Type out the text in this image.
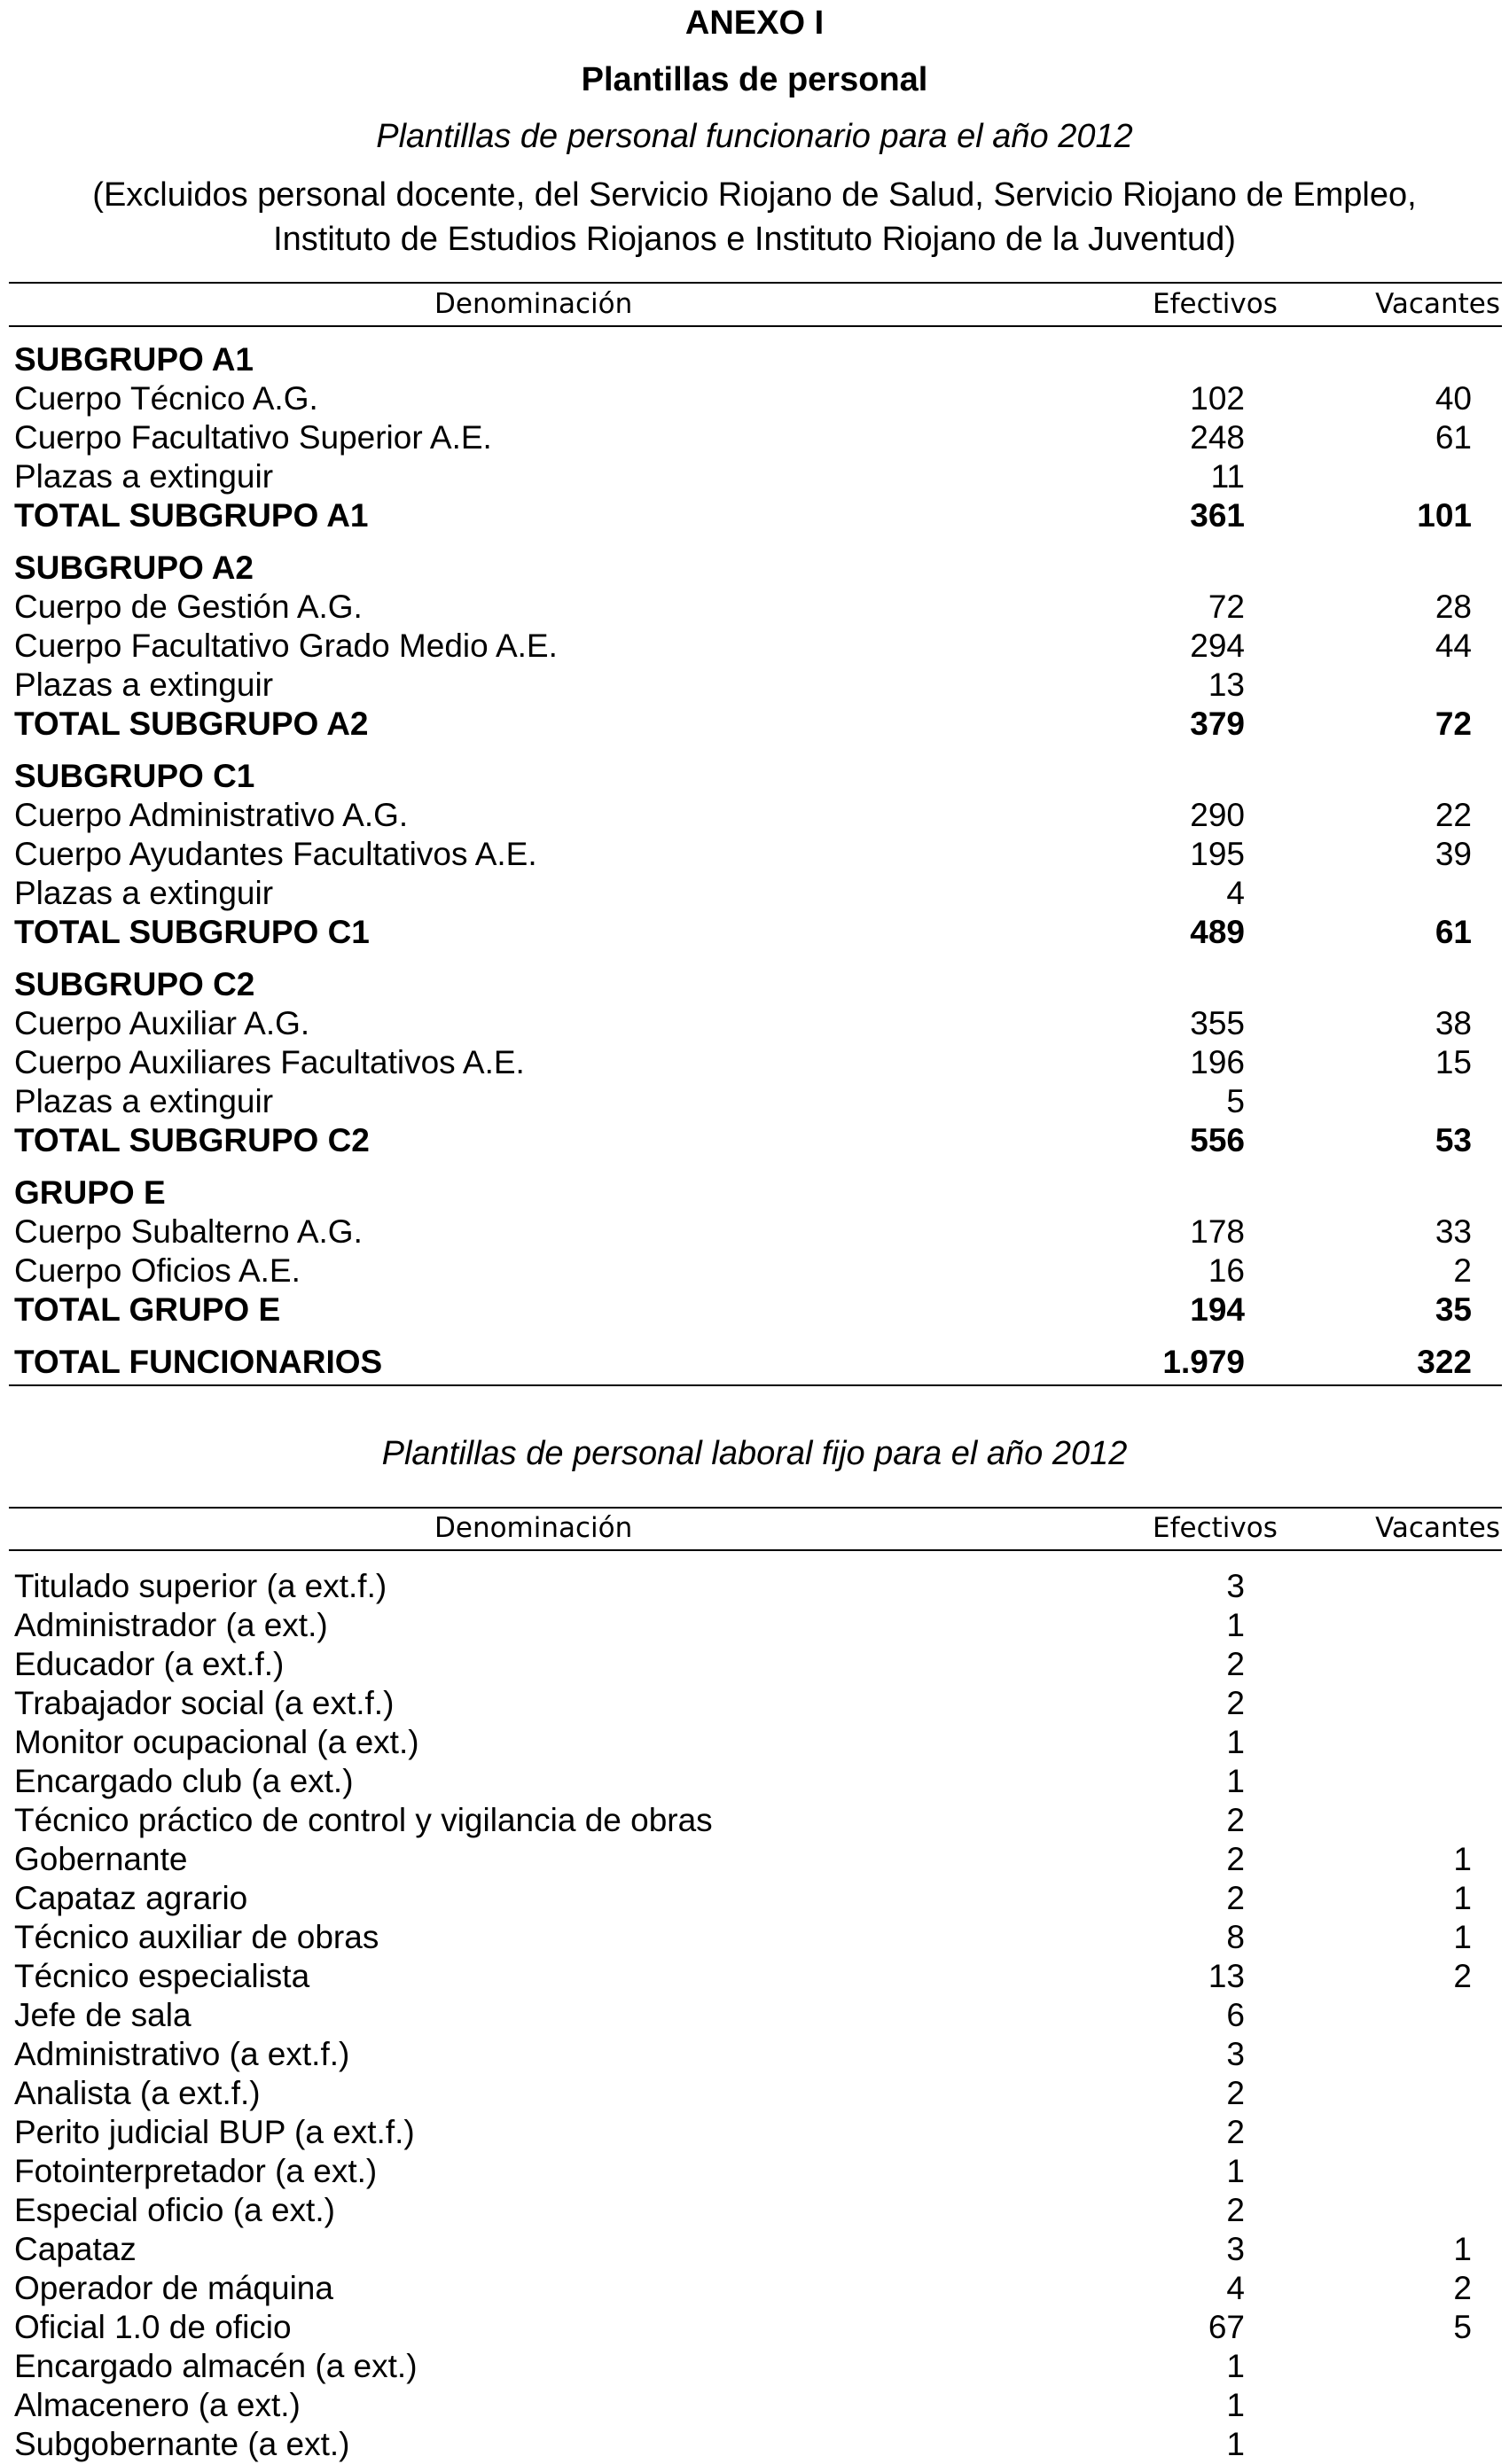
ANEXO I
Plantillas de personal
Plantillas de personal funcionario para el año 2012
(Excluidos personal docente, del Servicio Riojano de Salud, Servicio Riojano de Empleo,
Instituto de Estudios Riojanos e Instituto Riojano de la Juventud)
Denominación	Efectivos	Vacantes
SUBGRUPO A1
Cuerpo Técnico A.G.	102	40
Cuerpo Facultativo Superior A.E.	248	61
Plazas a extinguir	11
TOTAL SUBGRUPO A1	361	101
SUBGRUPO A2
Cuerpo de Gestión A.G.	72	28
Cuerpo Facultativo Grado Medio A.E.	294	44
Plazas a extinguir	13
TOTAL SUBGRUPO A2	379	72
SUBGRUPO C1
Cuerpo Administrativo A.G.	290	22
Cuerpo Ayudantes Facultativos A.E.	195	39
Plazas a extinguir	4
TOTAL SUBGRUPO C1	489	61
SUBGRUPO C2
Cuerpo Auxiliar A.G.	355	38
Cuerpo Auxiliares Facultativos A.E.	196	15
Plazas a extinguir	5
TOTAL SUBGRUPO C2	556	53
GRUPO E
Cuerpo Subalterno A.G.	178	33
Cuerpo Oficios A.E.	16	2
TOTAL GRUPO E	194	35
TOTAL FUNCIONARIOS	1.979	322
Plantillas de personal laboral fijo para el año 2012
Denominación	Efectivos	Vacantes
Titulado superior (a ext.f.)	3
Administrador (a ext.)	1
Educador (a ext.f.)	2
Trabajador social (a ext.f.)	2
Monitor ocupacional (a ext.)	1
Encargado club (a ext.)	1
Técnico práctico de control y vigilancia de obras	2
Gobernante	2	1
Capataz agrario	2	1
Técnico auxiliar de obras	8	1
Técnico especialista	13	2
Jefe de sala	6
Administrativo (a ext.f.)	3
Analista (a ext.f.)	2
Perito judicial BUP (a ext.f.)	2
Fotointerpretador (a ext.)	1
Especial oficio (a ext.)	2
Capataz	3	1
Operador de máquina	4	2
Oficial 1.0 de oficio	67	5
Encargado almacén (a ext.)	1
Almacenero (a ext.)	1
Subgobernante (a ext.)	1
